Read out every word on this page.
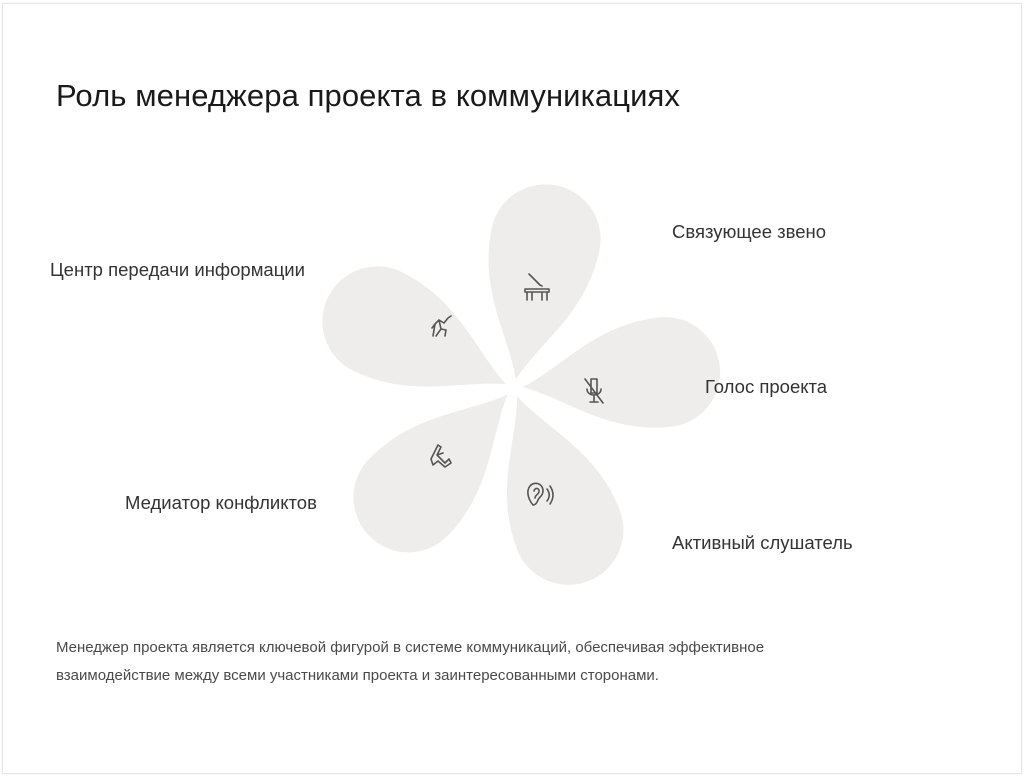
Роль менеджера проекта в коммуникациях
Центр передачи информации
Связующее звено
Голос проекта
Медиатор конфликтов
Активный слушатель
Менеджер проекта является ключевой фигурой в системе коммуникаций, обеспечивая эффективное
взаимодействие между всеми участниками проекта и заинтересованными сторонами.
